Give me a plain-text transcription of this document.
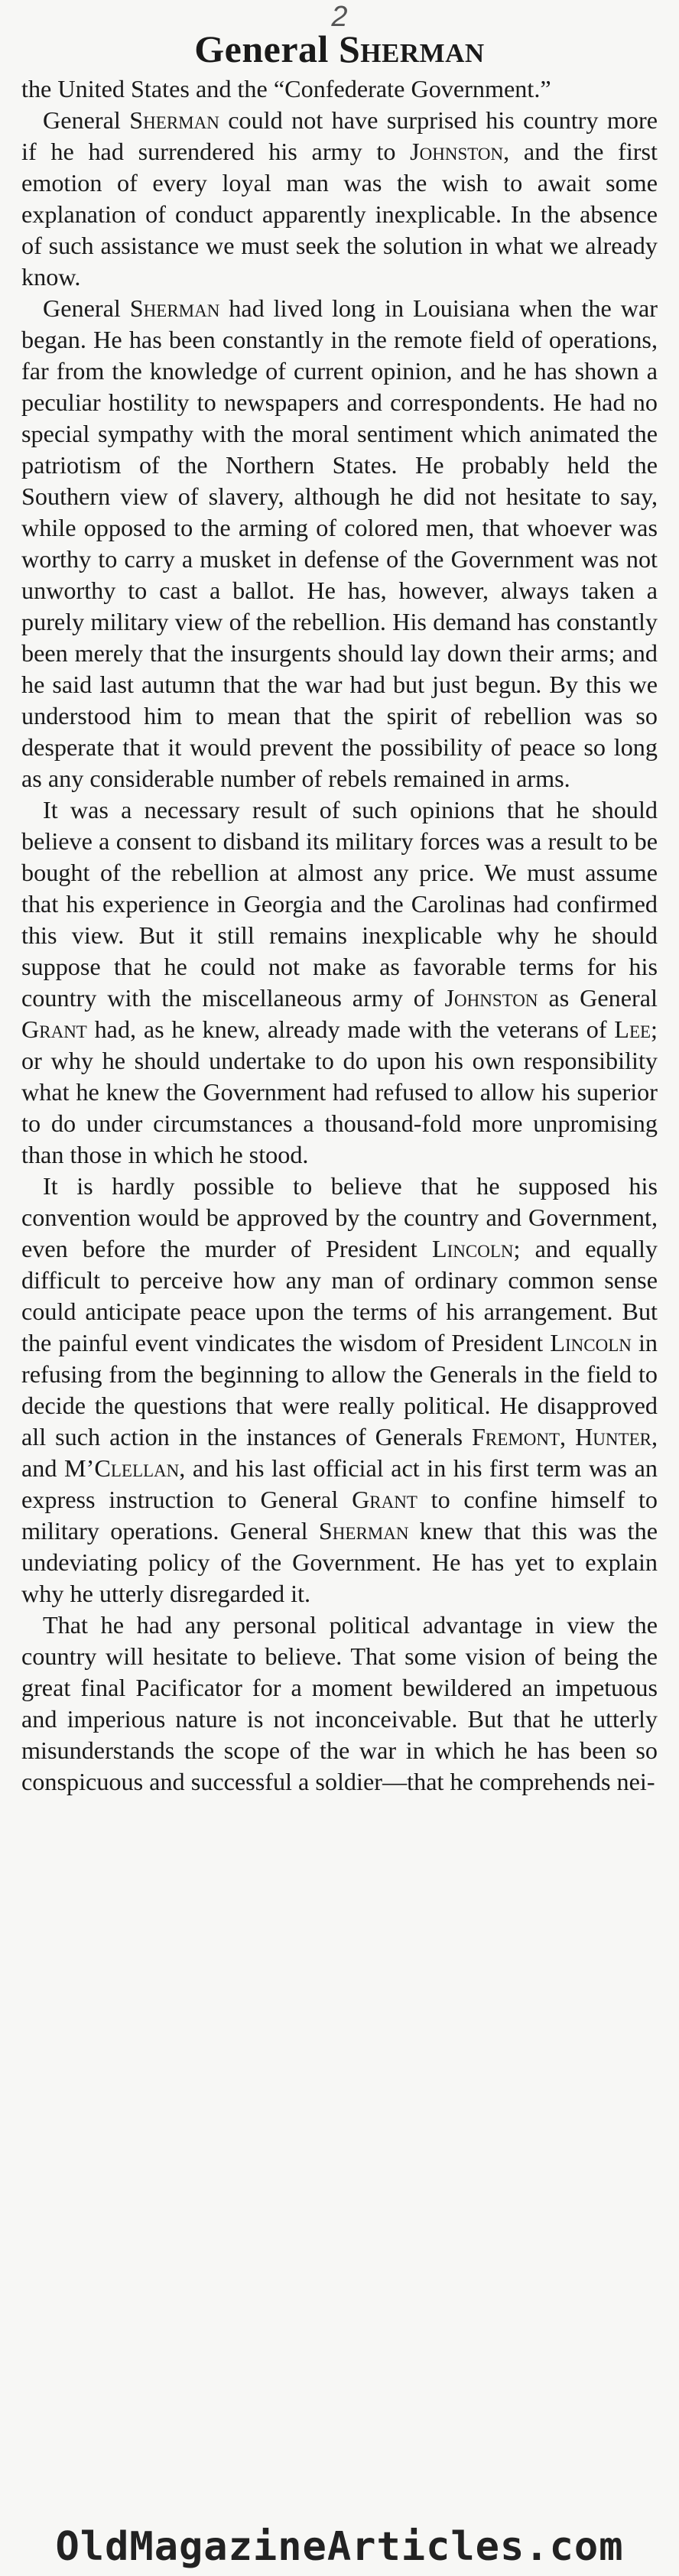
2
General Sherman

the United States and the “Confederate Government.”

General Sherman could not have surprised his country more if he had surrendered his army to Johnston, and the first emotion of every loyal man was the wish to await some explanation of conduct apparently inexplicable. In the absence of such assistance we must seek the solution in what we already know.

General Sherman had lived long in Louisiana when the war began. He has been constantly in the remote field of operations, far from the knowledge of current opinion, and he has shown a peculiar hostility to newspapers and correspondents. He had no special sympathy with the moral sentiment which animated the patriotism of the Northern States. He probably held the Southern view of slavery, although he did not hesitate to say, while opposed to the arming of colored men, that whoever was worthy to carry a musket in defense of the Government was not unworthy to cast a ballot. He has, however, always taken a purely military view of the rebellion. His demand has constantly been merely that the insurgents should lay down their arms; and he said last autumn that the war had but just begun. By this we understood him to mean that the spirit of rebellion was so desperate that it would prevent the possibility of peace so long as any considerable number of rebels remained in arms.

It was a necessary result of such opinions that he should believe a consent to disband its military forces was a result to be bought of the rebellion at almost any price. We must assume that his experience in Georgia and the Carolinas had confirmed this view. But it still remains inexplicable why he should suppose that he could not make as favorable terms for his country with the miscellaneous army of Johnston as General Grant had, as he knew, already made with the veterans of Lee; or why he should undertake to do upon his own responsibility what he knew the Government had refused to allow his superior to do under circumstances a thousand-fold more unpromising than those in which he stood.

It is hardly possible to believe that he supposed his convention would be approved by the country and Government, even before the murder of President Lincoln; and equally difficult to perceive how any man of ordinary common sense could anticipate peace upon the terms of his arrangement. But the painful event vindicates the wisdom of President Lincoln in refusing from the beginning to allow the Generals in the field to decide the questions that were really political. He disapproved all such action in the instances of Generals Fremont, Hunter, and M’Clellan, and his last official act in his first term was an express instruction to General Grant to confine himself to military operations. General Sherman knew that this was the undeviating policy of the Government. He has yet to explain why he utterly disregarded it.

That he had any personal political advantage in view the country will hesitate to believe. That some vision of being the great final Pacificator for a moment bewildered an impetuous and imperious nature is not inconceivable. But that he utterly misunderstands the scope of the war in which he has been so conspicuous and successful a soldier—that he comprehends nei-

OldMagazineArticles.com
